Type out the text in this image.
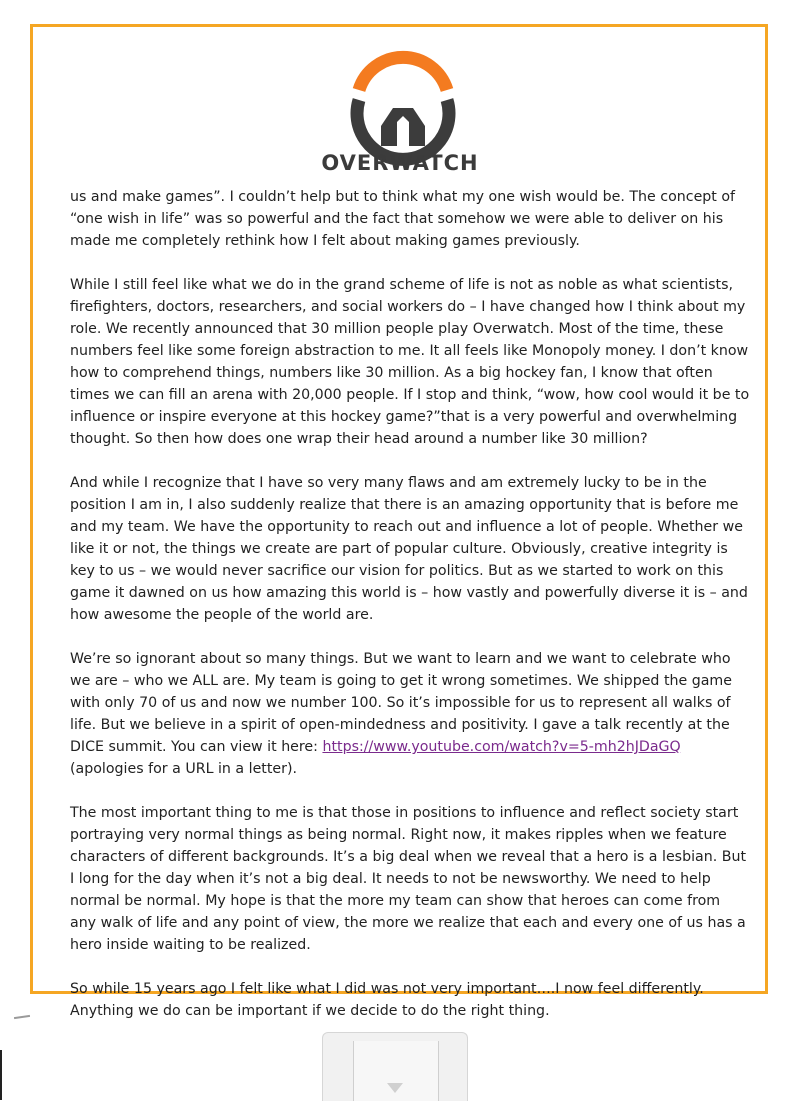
OVERWATCH

us and make games”. I couldn’t help but to think what my one wish would be. The concept of “one wish in life” was so powerful and the fact that somehow we were able to deliver on his made me completely rethink how I felt about making games previously.

While I still feel like what we do in the grand scheme of life is not as noble as what scientists, firefighters, doctors, researchers, and social workers do – I have changed how I think about my role. We recently announced that 30 million people play Overwatch. Most of the time, these numbers feel like some foreign abstraction to me. It all feels like Monopoly money. I don’t know how to comprehend things, numbers like 30 million. As a big hockey fan, I know that often times we can fill an arena with 20,000 people. If I stop and think, “wow, how cool would it be to influence or inspire everyone at this hockey game?”that is a very powerful and overwhelming thought. So then how does one wrap their head around a number like 30 million?

And while I recognize that I have so very many flaws and am extremely lucky to be in the position I am in, I also suddenly realize that there is an amazing opportunity that is before me and my team. We have the opportunity to reach out and influence a lot of people. Whether we like it or not, the things we create are part of popular culture. Obviously, creative integrity is key to us – we would never sacrifice our vision for politics. But as we started to work on this game it dawned on us how amazing this world is – how vastly and powerfully diverse it is – and how awesome the people of the world are.

We’re so ignorant about so many things. But we want to learn and we want to celebrate who we are – who we ALL are. My team is going to get it wrong sometimes. We shipped the game with only 70 of us and now we number 100. So it’s impossible for us to represent all walks of life. But we believe in a spirit of open-mindedness and positivity. I gave a talk recently at the DICE summit. You can view it here: https://www.youtube.com/watch?v=5-mh2hJDaGQ (apologies for a URL in a letter).

The most important thing to me is that those in positions to influence and reflect society start portraying very normal things as being normal. Right now, it makes ripples when we feature characters of different backgrounds. It’s a big deal when we reveal that a hero is a lesbian. But I long for the day when it’s not a big deal. It needs to not be newsworthy. We need to help normal be normal. My hope is that the more my team can show that heroes can come from any walk of life and any point of view, the more we realize that each and every one of us has a hero inside waiting to be realized.

So while 15 years ago I felt like what I did was not very important….I now feel differently. Anything we do can be important if we decide to do the right thing.
